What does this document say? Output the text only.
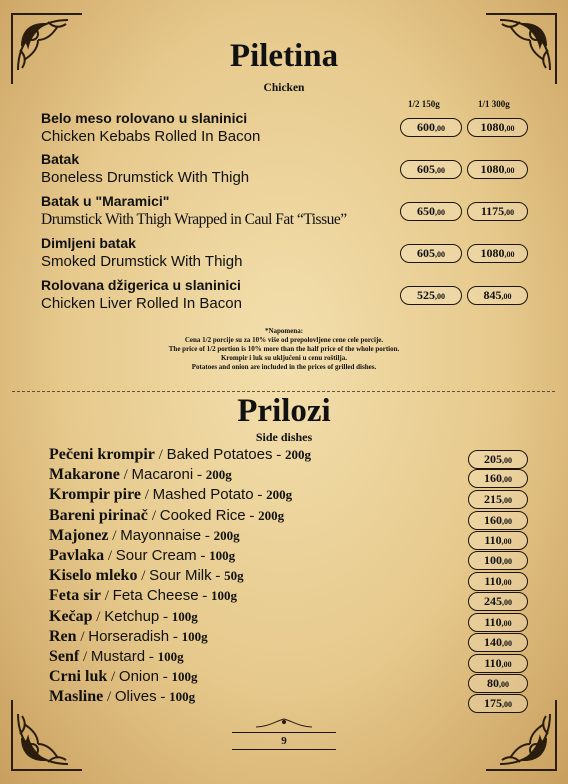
Piletina
Chicken
1/2 150g	1/1 300g
Belo meso rolovano u slaninici
Chicken Kebabs Rolled In Bacon
600,00	1080,00
Batak
Boneless Drumstick With Thigh	605,00	1080,00
Batak u "Maramici"
Drumstick With Thigh Wrapped in Caul Fat “Tissue”	650,00	1175,00
Dimljeni batak
Smoked Drumstick With Thigh	605,00	1080,00
Rolovana džigerica u slaninici
Chicken Liver Rolled In Bacon	525,00	845,00
*Napomena:
Cena 1/2 porcije su za 10% više od prepolovljene cene cele porcije.
The price of 1/2 portion is 10% more than the half price of the whole portion.
Krompir i luk su uključeni u cenu roštilja.
Potatoes and onion are included in the prices of grilled dishes.
Prilozi
Side dishes
Pečeni krompir / Baked Potatoes - 200g	205,00
Makarone / Macaroni - 200g	160,00
Krompir pire / Mashed Potato - 200g	215,00
Bareni pirinač / Cooked Rice - 200g	160,00
Majonez / Mayonnaise - 200g	110,00
Pavlaka / Sour Cream - 100g	100,00
Kiselo mleko / Sour Milk - 50g	110,00
Feta sir / Feta Cheese - 100g	245,00
Kečap / Ketchup - 100g	110,00
Ren / Horseradish - 100g	140,00
Senf / Mustard - 100g	110,00
Crni luk / Onion - 100g	80,00
Masline / Olives - 100g	175,00
9
